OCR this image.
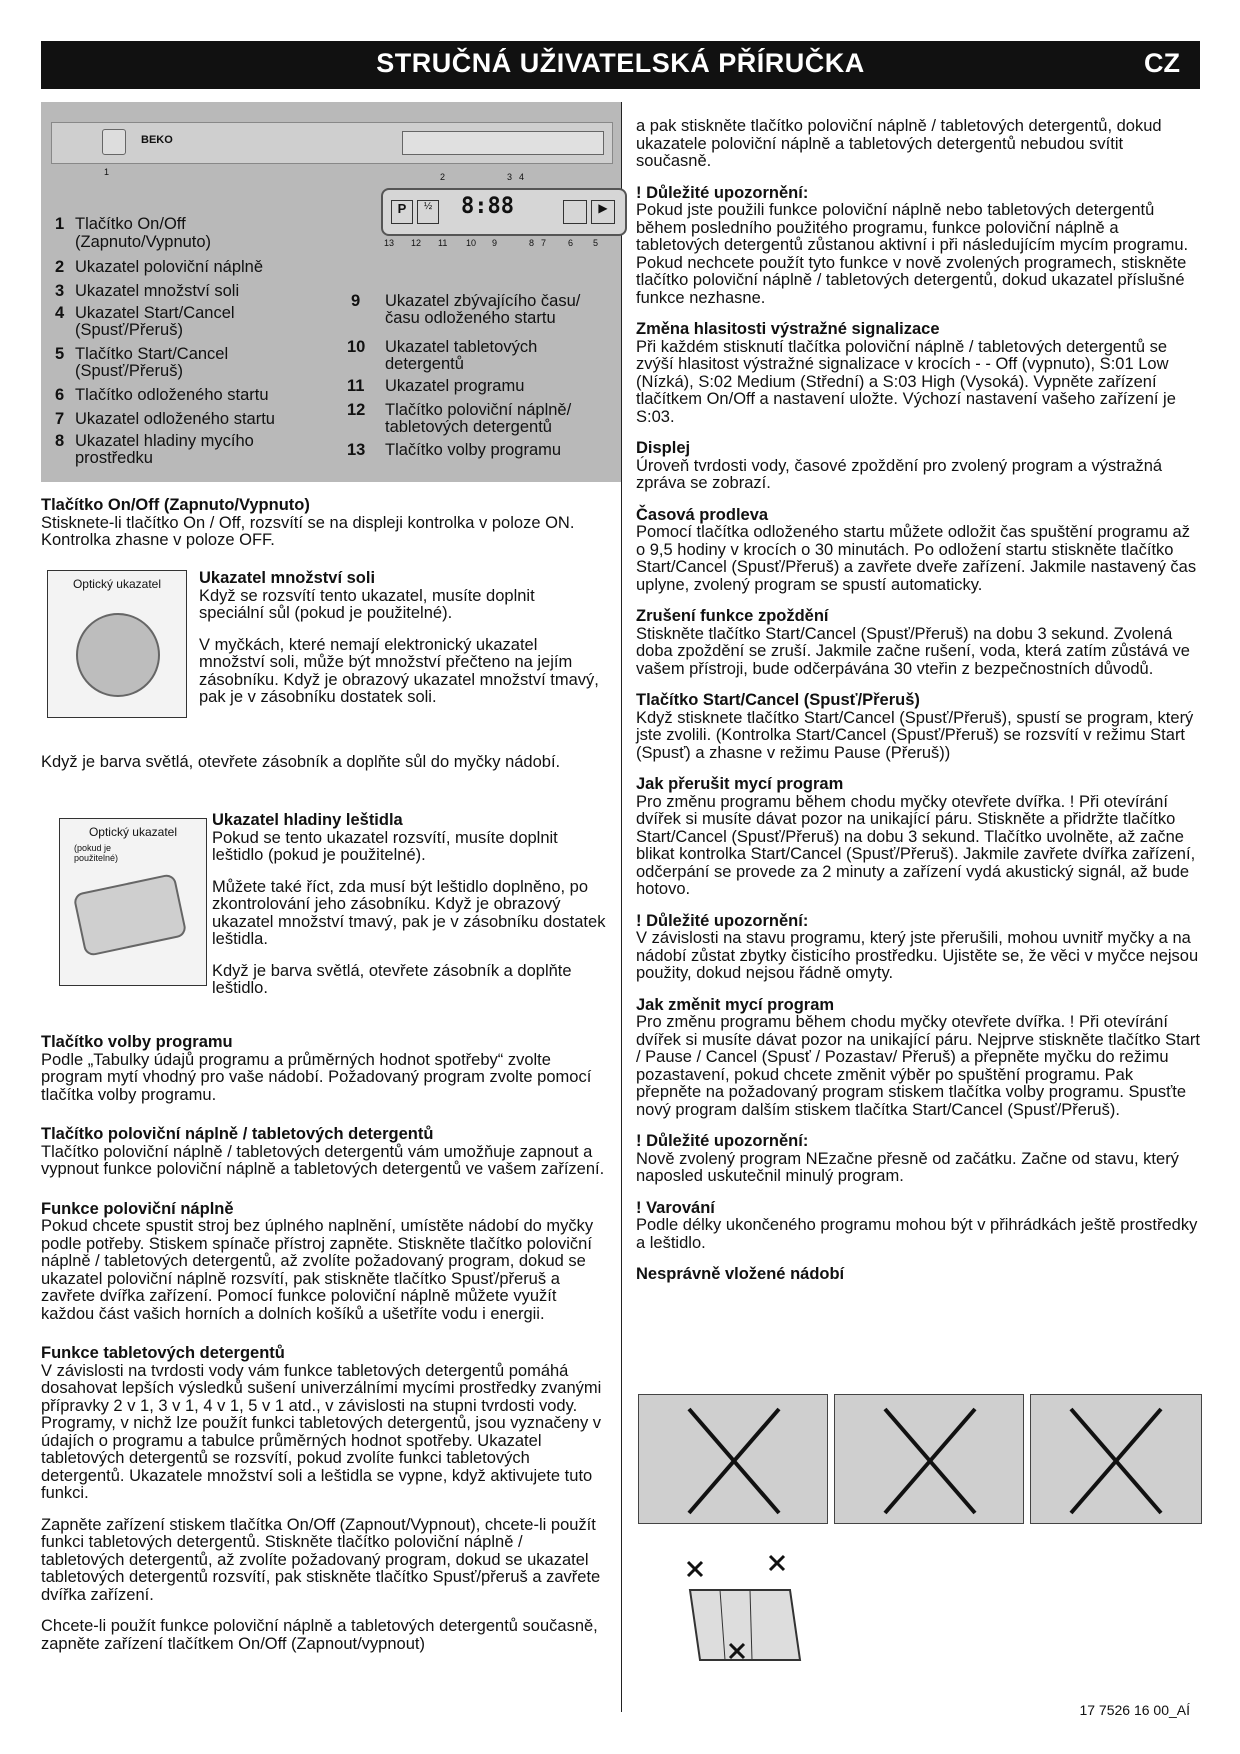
STRUČNÁ UŽIVATELSKÁ PŘÍRUČKA	CZ
BEKO
1	2	3 4
P	½	▶
8:88
13 12 11 10 9	8 7 6 5
1 Tlačítko On/Off
(Zapnuto/Vypnuto)
2 Ukazatel poloviční náplně
3 Ukazatel množství soli
4 Ukazatel Start/Cancel
(Spusť/Přeruš)
5 Tlačítko Start/Cancel
(Spusť/Přeruš)
6 Tlačítko odloženého startu
7 Ukazatel odloženého startu
8 Ukazatel hladiny mycího
prostředku
9 Ukazatel zbývajícího času/
času odloženého startu
10 Ukazatel tabletových
detergentů
11 Ukazatel programu
12 Tlačítko poloviční náplně/
tabletových detergentů
13 Tlačítko volby programu
Tlačítko On/Off (Zapnuto/Vypnuto)

Stisknete-li tlačítko On / Off, rozsvítí se na displeji kontrolka v poloze ON. Kontrolka zhasne v poloze OFF.

Optický ukazatel	Ukazatel množství soli

Když se rozsvítí tento ukazatel, musíte doplnit speciální sůl (pokud je použitelné).

V myčkách, které nemají elektronický ukazatel množství soli, může být množství přečteno na jejím zásobníku. Když je obrazový ukazatel množství tmavý, pak je v zásobníku dostatek soli.

Když je barva světlá, otevřete zásobník a doplňte sůl do myčky nádobí.

Optický ukazatel
(pokud je použitelné)
Ukazatel hladiny leštidla

Pokud se tento ukazatel rozsvítí, musíte doplnit leštidlo (pokud je použitelné).

Můžete také říct, zda musí být leštidlo doplněno, po zkontrolování jeho zásobníku. Když je obrazový ukazatel množství tmavý, pak je v zásobníku dostatek leštidla.

Když je barva světlá, otevřete zásobník a doplňte leštidlo.

Tlačítko volby programu

Podle „Tabulky údajů programu a průměrných hodnot spotřeby“ zvolte program mytí vhodný pro vaše nádobí. Požadovaný program zvolte pomocí tlačítka volby programu.

Tlačítko poloviční náplně / tabletových detergentů

Tlačítko poloviční náplně / tabletových detergentů vám umožňuje zapnout a vypnout funkce poloviční náplně a tabletových detergentů ve vašem zařízení.

Funkce poloviční náplně

Pokud chcete spustit stroj bez úplného naplnění, umístěte nádobí do myčky podle potřeby. Stiskem spínače přístroj zapněte. Stiskněte tlačítko poloviční náplně / tabletových detergentů, až zvolíte požadovaný program, dokud se ukazatel poloviční náplně rozsvítí, pak stiskněte tlačítko Spusť/přeruš a zavřete dvířka zařízení. Pomocí funkce poloviční náplně můžete využít každou část vašich horních a dolních košíků a ušetříte vodu i energii.

Funkce tabletových detergentů

V závislosti na tvrdosti vody vám funkce tabletových detergentů pomáhá dosahovat lepších výsledků sušení univerzálními mycími prostředky zvanými přípravky 2 v 1, 3 v 1, 4 v 1, 5 v 1 atd., v závislosti na stupni tvrdosti vody. Programy, v nichž lze použít funkci tabletových detergentů, jsou vyznačeny v údajích o programu a tabulce průměrných hodnot spotřeby. Ukazatel tabletových detergentů se rozsvítí, pokud zvolíte funkci tabletových detergentů. Ukazatele množství soli a leštidla se vypne, když aktivujete tuto funkci.

Zapněte zařízení stiskem tlačítka On/Off (Zapnout/Vypnout), chcete-li použít funkci tabletových detergentů. Stiskněte tlačítko poloviční náplně / tabletových detergentů, až zvolíte požadovaný program, dokud se ukazatel tabletových detergentů rozsvítí, pak stiskněte tlačítko Spusť/přeruš a zavřete dvířka zařízení.

Chcete-li použít funkce poloviční náplně a tabletových detergentů současně, zapněte zařízení tlačítkem On/Off (Zapnout/vypnout)

a pak stiskněte tlačítko poloviční náplně / tabletových detergentů, dokud ukazatele poloviční náplně a tabletových detergentů nebudou svítit současně.

! Důležité upozornění:

Pokud jste použili funkce poloviční náplně nebo tabletových detergentů během posledního použitého programu, funkce poloviční náplně a tabletových detergentů zůstanou aktivní i při následujícím mycím programu. Pokud nechcete použít tyto funkce v nově zvolených programech, stiskněte tlačítko poloviční náplně / tabletových detergentů, dokud ukazatel příslušné funkce nezhasne.

Změna hlasitosti výstražné signalizace

Při každém stisknutí tlačítka poloviční náplně / tabletových detergentů se zvýší hlasitost výstražné signalizace v krocích - - Off (vypnuto), S:01 Low (Nízká), S:02 Medium (Střední) a S:03 High (Vysoká). Vypněte zařízení tlačítkem On/Off a nastavení uložte. Výchozí nastavení vašeho zařízení je S:03.

Displej

Úroveň tvrdosti vody, časové zpoždění pro zvolený program a výstražná zpráva se zobrazí.

Časová prodleva

Pomocí tlačítka odloženého startu můžete odložit čas spuštění programu až o 9,5 hodiny v krocích o 30 minutách. Po odložení startu stiskněte tlačítko Start/Cancel (Spusť/Přeruš) a zavřete dveře zařízení. Jakmile nastavený čas uplyne, zvolený program se spustí automaticky.

Zrušení funkce zpoždění

Stiskněte tlačítko Start/Cancel (Spusť/Přeruš) na dobu 3 sekund. Zvolená doba zpoždění se zruší. Jakmile začne rušení, voda, která zatím zůstává ve vašem přístroji, bude odčerpávána 30 vteřin z bezpečnostních důvodů.

Tlačítko Start/Cancel (Spusť/Přeruš)

Když stisknete tlačítko Start/Cancel (Spusť/Přeruš), spustí se program, který jste zvolili. (Kontrolka Start/Cancel (Spusť/Přeruš) se rozsvítí v režimu Start (Spusť) a zhasne v režimu Pause (Přeruš))

Jak přerušit mycí program

Pro změnu programu během chodu myčky otevřete dvířka. ! Při otevírání dvířek si musíte dávat pozor na unikající páru. Stiskněte a přidržte tlačítko Start/Cancel (Spusť/Přeruš) na dobu 3 sekund. Tlačítko uvolněte, až začne blikat kontrolka Start/Cancel (Spusť/Přeruš). Jakmile zavřete dvířka zařízení, odčerpání se provede za 2 minuty a zařízení vydá akustický signál, až bude hotovo.

! Důležité upozornění:

V závislosti na stavu programu, který jste přerušili, mohou uvnitř myčky a na nádobí zůstat zbytky čisticího prostředku. Ujistěte se, že věci v myčce nejsou použity, dokud nejsou řádně omyty.

Jak změnit mycí program

Pro změnu programu během chodu myčky otevřete dvířka. ! Při otevírání dvířek si musíte dávat pozor na unikající páru. Nejprve stiskněte tlačítko Start / Pause / Cancel (Spusť / Pozastav/ Přeruš) a přepněte myčku do režimu pozastavení, pokud chcete změnit výběr po spuštění programu. Pak přepněte na požadovaný program stiskem tlačítka volby programu. Spusťte nový program dalším stiskem tlačítka Start/Cancel (Spusť/Přeruš).

! Důležité upozornění:

Nově zvolený program NEzačne přesně od začátku. Začne od stavu, který naposled uskutečnil minulý program.

! Varování

Podle délky ukončeného programu mohou být v přihrádkách ještě prostředky a leštidlo.

Nesprávně vložené nádobí
17 7526 16 00_AÍ
